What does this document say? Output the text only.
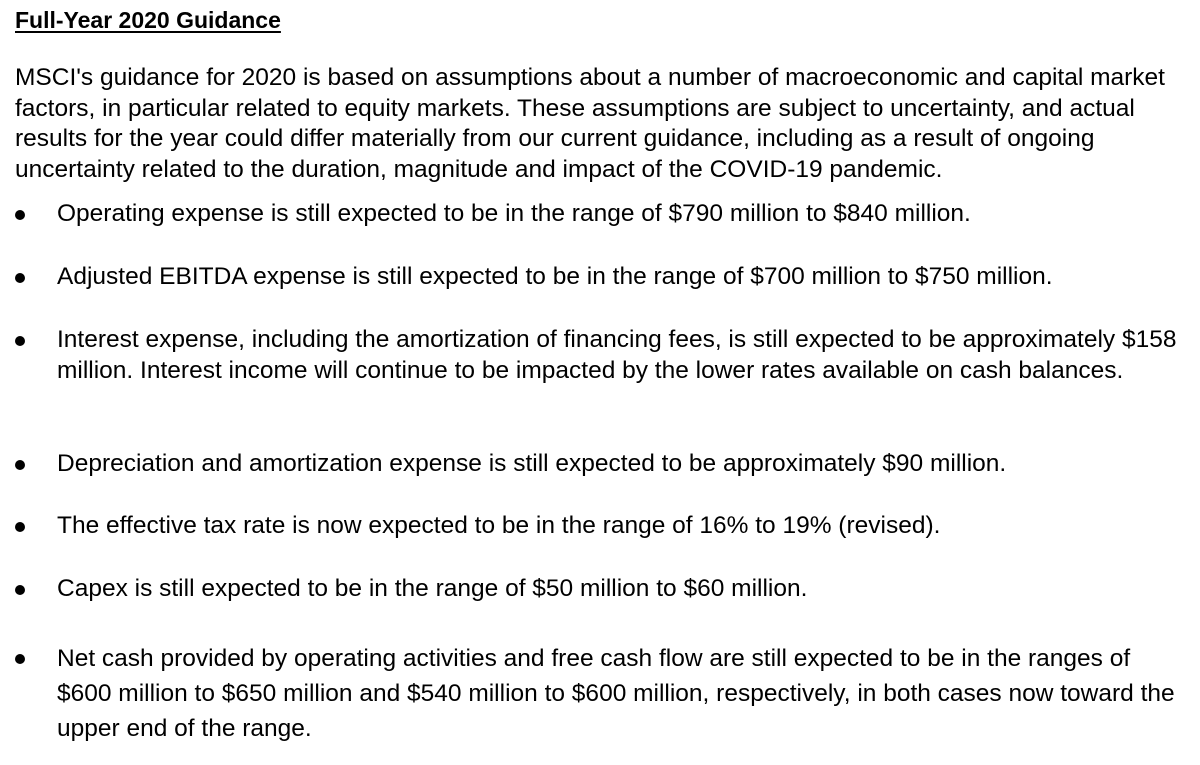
Full-Year 2020 Guidance

MSCI's guidance for 2020 is based on assumptions about a number of macroeconomic and capital market factors, in particular related to equity markets. These assumptions are subject to uncertainty, and actual results for the year could differ materially from our current guidance, including as a result of ongoing uncertainty related to the duration, magnitude and impact of the COVID-19 pandemic.

Operating expense is still expected to be in the range of $790 million to $840 million.
Adjusted EBITDA expense is still expected to be in the range of $700 million to $750 million.
Interest expense, including the amortization of financing fees, is still expected to be approximately $158 million. Interest income will continue to be impacted by the lower rates available on cash balances.
Depreciation and amortization expense is still expected to be approximately $90 million.
The effective tax rate is now expected to be in the range of 16% to 19% (revised).
Capex is still expected to be in the range of $50 million to $60 million.
Net cash provided by operating activities and free cash flow are still expected to be in the ranges of $600 million to $650 million and $540 million to $600 million, respectively, in both cases now toward the upper end of the range.
